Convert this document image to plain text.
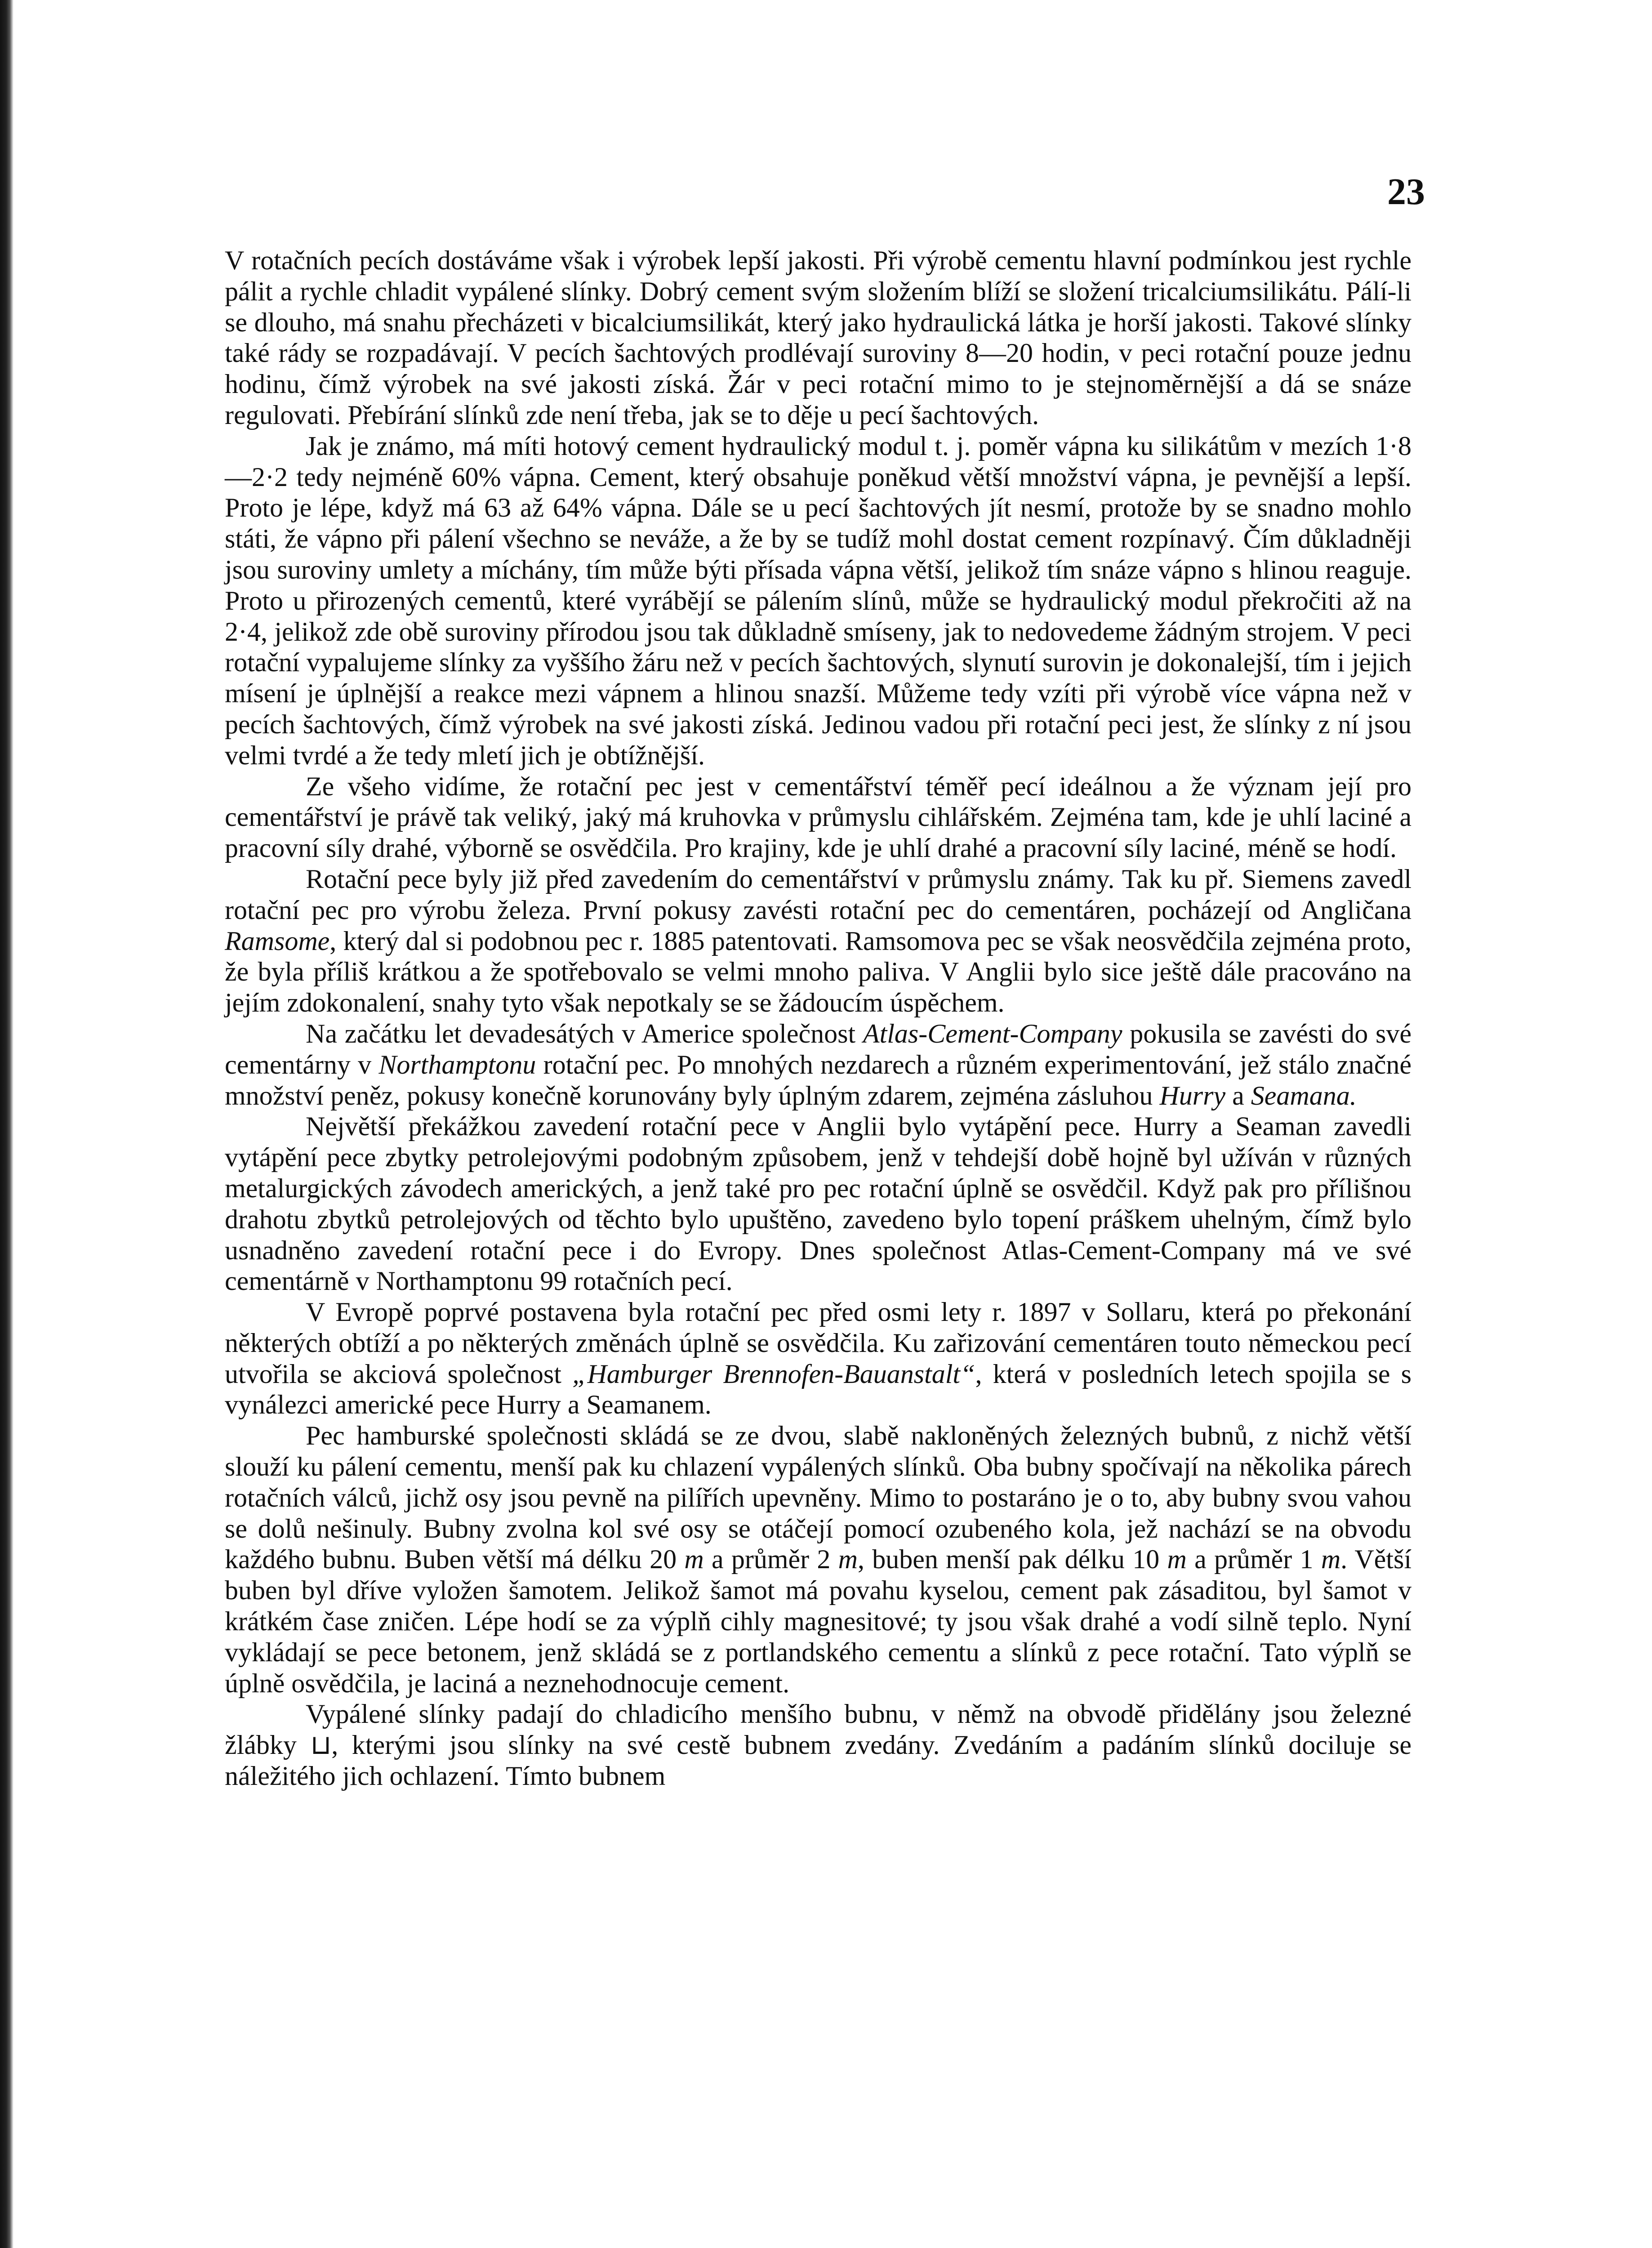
23

V rotačních pecích dostáváme však i výrobek lepší jakosti. Při výrobě cementu hlavní podmínkou jest rychle pálit a rychle chladit vypálené slínky. Dobrý cement svým složením blíží se složení tricalciumsilikátu. Pálí-li se dlouho, má snahu přecházeti v bicalciumsilikát, který jako hydraulická látka je horší jakosti. Takové slínky také rády se rozpadávají. V pecích šachtových prodlévají suroviny 8—20 hodin, v peci rotační pouze jednu hodinu, čímž výrobek na své jakosti získá. Žár v peci rotační mimo to je stejnoměrnější a dá se snáze regulovati. Přebírání slínků zde není třeba, jak se to děje u pecí šachtových.

Jak je známo, má míti hotový cement hydraulický modul t. j. poměr vápna ku silikátům v mezích 1·8—2·2 tedy nejméně 60% vápna. Cement, který obsahuje poněkud větší množství vápna, je pevnější a lepší. Proto je lépe, když má 63 až 64% vápna. Dále se u pecí šachtových jít nesmí, protože by se snadno mohlo státi, že vápno při pálení všechno se neváže, a že by se tudíž mohl dostat cement rozpínavý. Čím důkladněji jsou suroviny umlety a míchány, tím může býti přísada vápna větší, jelikož tím snáze vápno s hlinou reaguje. Proto u přirozených cementů, které vyrábějí se pálením slínů, může se hydraulický modul překročiti až na 2·4, jelikož zde obě suroviny přírodou jsou tak důkladně smíseny, jak to nedovedeme žádným strojem. V peci rotační vypalujeme slínky za vyššího žáru než v pecích šachtových, slynutí surovin je dokonalejší, tím i jejich mísení je úplnější a reakce mezi vápnem a hlinou snazší. Můžeme tedy vzíti při výrobě více vápna než v pecích šachtových, čímž výrobek na své jakosti získá. Jedinou vadou při rotační peci jest, že slínky z ní jsou velmi tvrdé a že tedy mletí jich je obtížnější.

Ze všeho vidíme, že rotační pec jest v cementářství téměř pecí ideálnou a že význam její pro cementářství je právě tak veliký, jaký má kruhovka v průmyslu cihlářském. Zejména tam, kde je uhlí laciné a pracovní síly drahé, výborně se osvědčila. Pro krajiny, kde je uhlí drahé a pracovní síly laciné, méně se hodí.

Rotační pece byly již před zavedením do cementářství v průmyslu známy. Tak ku př. Siemens zavedl rotační pec pro výrobu železa. První pokusy zavésti rotační pec do cementáren, pocházejí od Angličana Ramsome, který dal si podobnou pec r. 1885 patentovati. Ramsomova pec se však neosvědčila zejména proto, že byla příliš krátkou a že spotřebovalo se velmi mnoho paliva. V Anglii bylo sice ještě dále pracováno na jejím zdokonalení, snahy tyto však nepotkaly se se žádoucím úspěchem.

Na začátku let devadesátých v Americe společnost Atlas-Cement-Company pokusila se zavésti do své cementárny v Northamptonu rotační pec. Po mnohých nezdarech a různém experimentování, jež stálo značné množství peněz, pokusy konečně korunovány byly úplným zdarem, zejména zásluhou Hurry a Seamana.

Největší překážkou zavedení rotační pece v Anglii bylo vytápění pece. Hurry a Seaman zavedli vytápění pece zbytky petrolejovými podobným způsobem, jenž v tehdejší době hojně byl užíván v různých metalurgických závodech amerických, a jenž také pro pec rotační úplně se osvědčil. Když pak pro přílišnou drahotu zbytků petrolejových od těchto bylo upuštěno, zavedeno bylo topení práškem uhelným, čímž bylo usnadněno zavedení rotační pece i do Evropy. Dnes společnost Atlas-Cement-Company má ve své cementárně v Northamptonu 99 rotačních pecí.

V Evropě poprvé postavena byla rotační pec před osmi lety r. 1897 v Sollaru, která po překonání některých obtíží a po některých změnách úplně se osvědčila. Ku zařizování cementáren touto německou pecí utvořila se akciová společnost „Hamburger Brennofen-Bauanstalt“, která v posledních letech spojila se s vynálezci americké pece Hurry a Seamanem.

Pec hamburské společnosti skládá se ze dvou, slabě nakloněných železných bubnů, z nichž větší slouží ku pálení cementu, menší pak ku chlazení vypálených slínků. Oba bubny spočívají na několika párech rotačních válců, jichž osy jsou pevně na pilířích upevněny. Mimo to postaráno je o to, aby bubny svou vahou se dolů nešinuly. Bubny zvolna kol své osy se otáčejí pomocí ozubeného kola, jež nachází se na obvodu každého bubnu. Buben větší má délku 20 m a průměr 2 m, buben menší pak délku 10 m a průměr 1 m. Větší buben byl dříve vyložen šamotem. Jelikož šamot má povahu kyselou, cement pak zásaditou, byl šamot v krátkém čase zničen. Lépe hodí se za výplň cihly magnesitové; ty jsou však drahé a vodí silně teplo. Nyní vykládají se pece betonem, jenž skládá se z portlandského cementu a slínků z pece rotační. Tato výplň se úplně osvědčila, je laciná a neznehodnocuje cement.

Vypálené slínky padají do chladicího menšího bubnu, v němž na obvodě přidělány jsou železné žlábky ⊔, kterými jsou slínky na své cestě bubnem zvedány. Zvedáním a padáním slínků dociluje se náležitého jich ochlazení. Tímto bubnem
